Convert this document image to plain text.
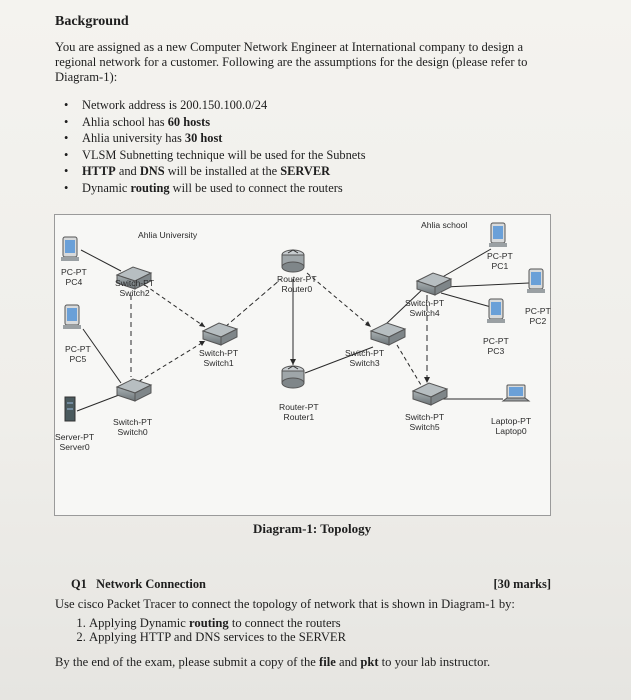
Background
You are assigned as a new Computer Network Engineer at International company to design a regional network for a customer. Following are the assumptions for the design (please refer to Diagram-1):
• Network address is 200.150.100.0/24
• Ahlia school has 60 hosts
• Ahlia university has 30 host
• VLSM Subnetting technique will be used for the Subnets
• HTTP and DNS will be installed at the SERVER
• Dynamic routing will be used to connect the routers
Ahlia University
Ahlia school
PC-PT
PC4
PC-PT
PC5
Server-PT
Server0
Switch-PT
Switch2
Switch-PT
Switch0
Switch-PT
Switch1
Router-PT
Router0
Router-PT
Router1
Switch-PT
Switch3
Switch-PT
Switch4
Switch-PT
Switch5
PC-PT
PC1
PC-PT
PC2
PC-PT
PC3
Laptop-PT
Laptop0
Diagram-1: Topology
Q1 Network Connection	[30 marks]
Use cisco Packet Tracer to connect the topology of network that is shown in Diagram-1 by:
1. Applying Dynamic routing to connect the routers
2. Applying HTTP and DNS services to the SERVER
By the end of the exam, please submit a copy of the file and pkt to your lab instructor.
